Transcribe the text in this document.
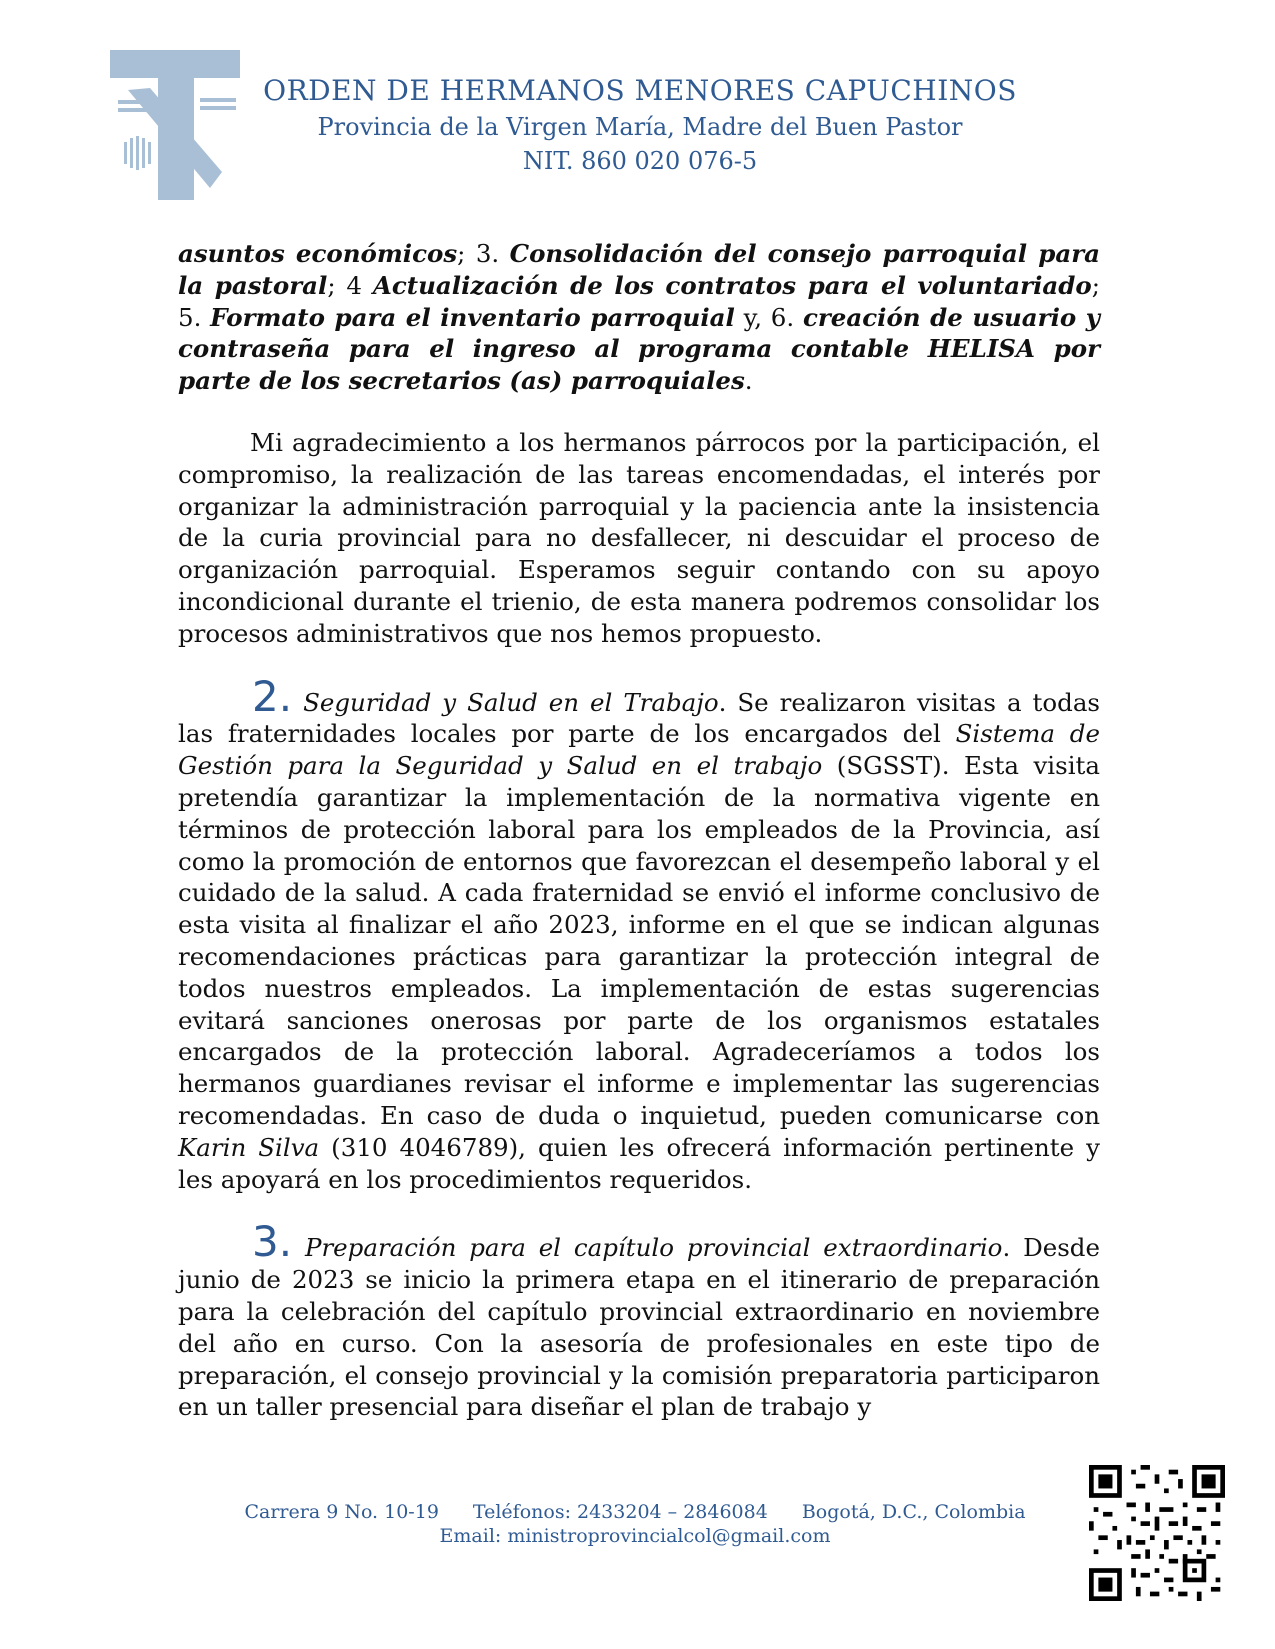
ORDEN DE HERMANOS MENORES CAPUCHINOS
Provincia de la Virgen María, Madre del Buen Pastor
NIT. 860 020 076-5

asuntos económicos; 3. Consolidación del consejo parroquial para la pastoral; 4 Actualización de los contratos para el voluntariado; 5. Formato para el inventario parroquial y, 6. creación de usuario y contraseña para el ingreso al programa contable HELISA por parte de los secretarios (as) parroquiales.

Mi agradecimiento a los hermanos párrocos por la participación, el compromiso, la realización de las tareas encomendadas, el interés por organizar la administración parroquial y la paciencia ante la insistencia de la curia provincial para no desfallecer, ni descuidar el proceso de organización parroquial. Esperamos seguir contando con su apoyo incondicional durante el trienio, de esta manera podremos consolidar los procesos administrativos que nos hemos propuesto.

2. Seguridad y Salud en el Trabajo. Se realizaron visitas a todas las fraternidades locales por parte de los encargados del Sistema de Gestión para la Seguridad y Salud en el trabajo (SGSST). Esta visita pretendía garantizar la implementación de la normativa vigente en términos de protección laboral para los empleados de la Provincia, así como la promoción de entornos que favorezcan el desempeño laboral y el cuidado de la salud. A cada fraternidad se envió el informe conclusivo de esta visita al finalizar el año 2023, informe en el que se indican algunas recomendaciones prácticas para garantizar la protección integral de todos nuestros empleados. La implementación de estas sugerencias evitará sanciones onerosas por parte de los organismos estatales encargados de la protección laboral. Agradeceríamos a todos los hermanos guardianes revisar el informe e implementar las sugerencias recomendadas. En caso de duda o inquietud, pueden comunicarse con Karin Silva (310 4046789), quien les ofrecerá información pertinente y les apoyará en los procedimientos requeridos.

3. Preparación para el capítulo provincial extraordinario. Desde junio de 2023 se inicio la primera etapa en el itinerario de preparación para la celebración del capítulo provincial extraordinario en noviembre del año en curso. Con la asesoría de profesionales en este tipo de preparación, el consejo provincial y la comisión preparatoria participaron en un taller presencial para diseñar el plan de trabajo y

Carrera 9 No. 10-19 Teléfonos: 2433204 – 2846084 Bogotá, D.C., Colombia
Email: ministroprovincialcol@gmail.com
